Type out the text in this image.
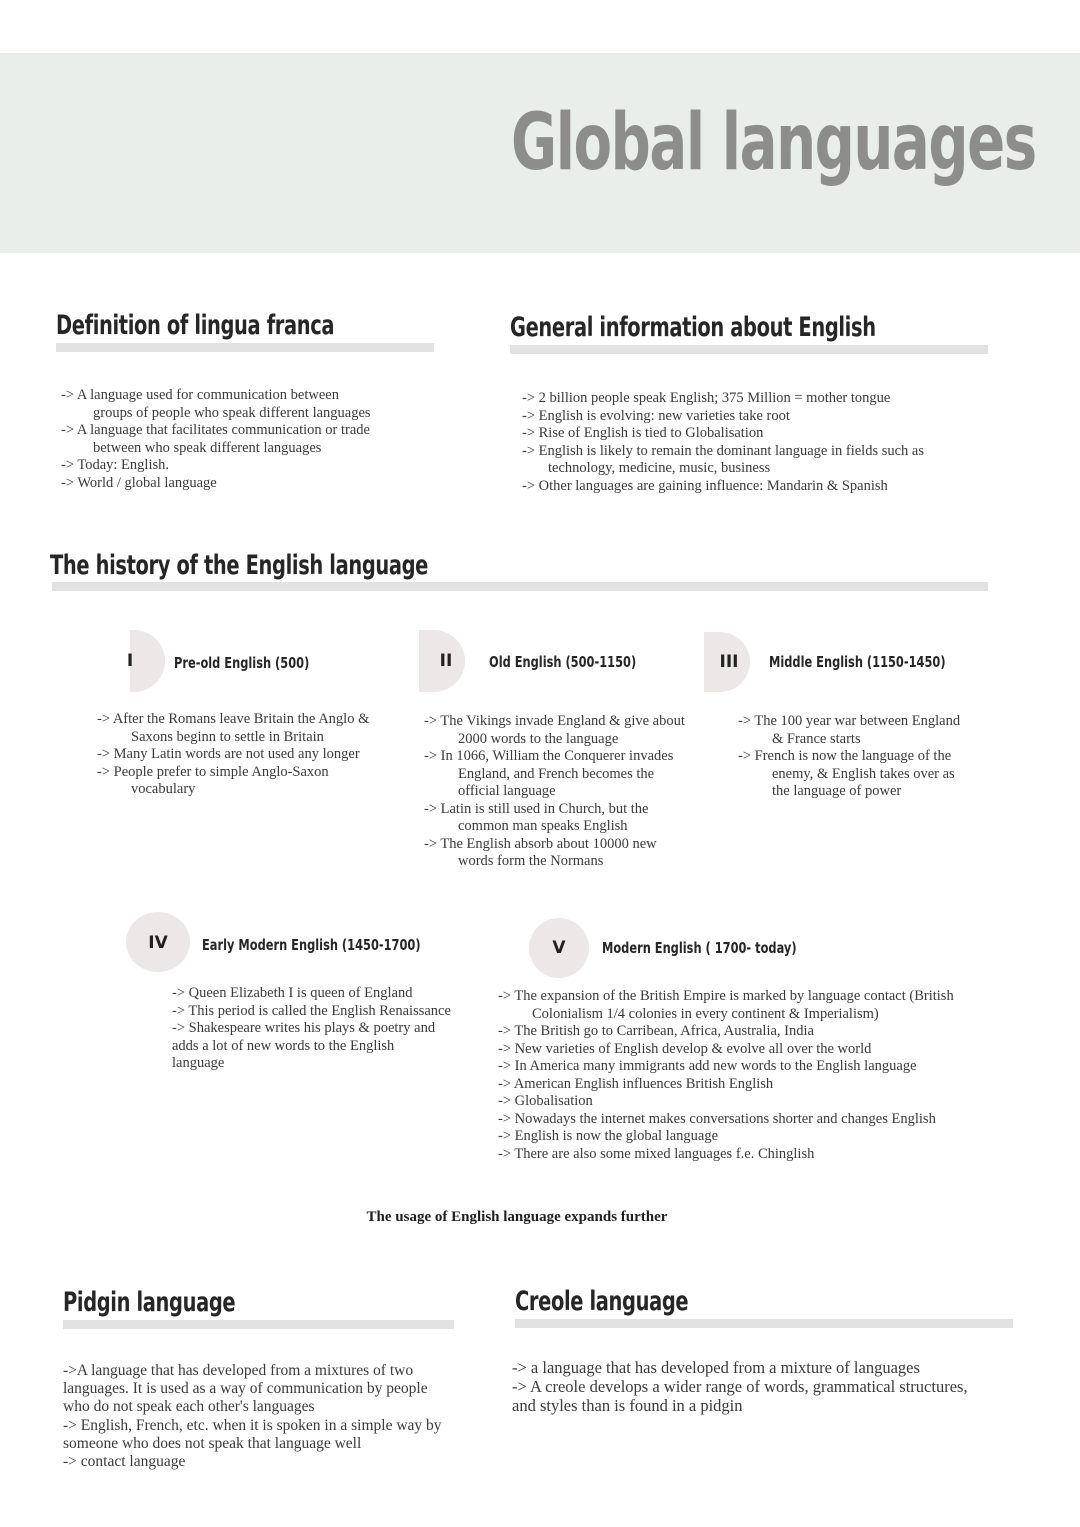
Global languages
Definition of lingua franca

-> A language used for communication between

groups of people who speak different languages

-> A language that facilitates communication or trade

between who speak different languages

-> Today: English.

-> World / global language

General information about English

-> 2 billion people speak English; 375 Million = mother tongue

-> English is evolving: new varieties take root

-> Rise of English is tied to Globalisation

-> English is likely to remain the dominant language in fields such as

technology, medicine, music, business

-> Other languages are gaining influence: Mandarin & Spanish

The history of the English language

I	Pre-old English (500)

-> After the Romans leave Britain the Anglo &

Saxons beginn to settle in Britain

-> Many Latin words are not used any longer

-> People prefer to simple Anglo-Saxon

vocabulary

II	Old English (500-1150)

-> The Vikings invade England & give about

2000 words to the language

-> In 1066, William the Conquerer invades

England, and French becomes the

official language

-> Latin is still used in Church, but the

common man speaks English

-> The English absorb about 10000 new

words form the Normans

III	Middle English (1150-1450)

-> The 100 year war between England

& France starts

-> French is now the language of the

enemy, & English takes over as

the language of power

IV	Early Modern English (1450-1700)

-> Queen Elizabeth I is queen of England

-> This period is called the English Renaissance

-> Shakespeare writes his plays & poetry and

adds a lot of new words to the English

language

V	Modern English ( 1700- today)

-> The expansion of the British Empire is marked by language contact (British

Colonialism 1/4 colonies in every continent & Imperialism)

-> The British go to Carribean, Africa, Australia, India

-> New varieties of English develop & evolve all over the world

-> In America many immigrants add new words to the English language

-> American English influences British English

-> Globalisation

-> Nowadays the internet makes conversations shorter and changes English

-> English is now the global language

-> There are also some mixed languages f.e. Chinglish

The usage of English language expands further

Pidgin language

->A language that has developed from a mixtures of two

languages. It is used as a way of communication by people

who do not speak each other's languages

-> English, French, etc. when it is spoken in a simple way by

someone who does not speak that language well

-> contact language

Creole language

-> a language that has developed from a mixture of languages

-> A creole develops a wider range of words, grammatical structures,

and styles than is found in a pidgin
